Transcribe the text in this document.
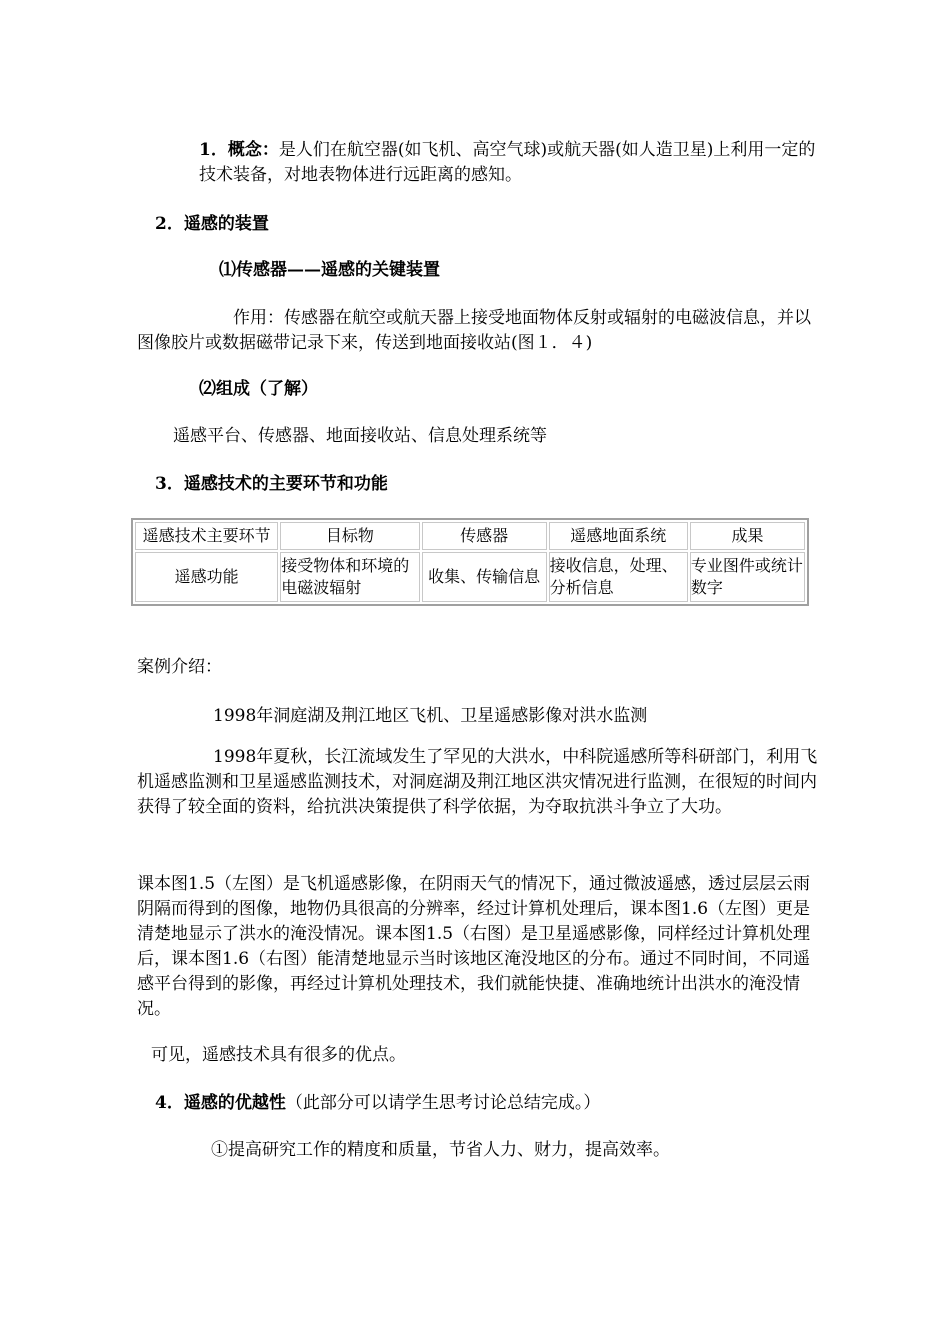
1．概念：是人们在航空器(如飞机、高空气球)或航天器(如人造卫星)上利用一定的技术装备，对地表物体进行远距离的感知。
2．遥感的装置
⑴传感器——遥感的关键装置
作用：传感器在航空或航天器上接受地面物体反射或辐射的电磁波信息，并以图像胶片或数据磁带记录下来，传送到地面接收站(图１．４)
⑵组成（了解）
遥感平台、传感器、地面接收站、信息处理系统等
3．遥感技术的主要环节和功能
遥感技术主要环节	目标物	传感器	遥感地面系统	成果
遥感功能	接受物体和环境的电磁波辐射	收集、传输信息	接收信息，处理、分析信息	专业图件或统计数字
案例介绍：
1998年洞庭湖及荆江地区飞机、卫星遥感影像对洪水监测
1998年夏秋，长江流域发生了罕见的大洪水，中科院遥感所等科研部门，利用飞机遥感监测和卫星遥感监测技术，对洞庭湖及荆江地区洪灾情况进行监测，在很短的时间内获得了较全面的资料，给抗洪决策提供了科学依据，为夺取抗洪斗争立了大功。
课本图1.5（左图）是飞机遥感影像，在阴雨天气的情况下，通过微波遥感，透过层层云雨阴隔而得到的图像，地物仍具很高的分辨率，经过计算机处理后，课本图1.6（左图）更是清楚地显示了洪水的淹没情况。课本图1.5（右图）是卫星遥感影像，同样经过计算机处理后，课本图1.6（右图）能清楚地显示当时该地区淹没地区的分布。通过不同时间，不同遥感平台得到的影像，再经过计算机处理技术，我们就能快捷、准确地统计出洪水的淹没情况。
可见，遥感技术具有很多的优点。
4．遥感的优越性（此部分可以请学生思考讨论总结完成。）
①提高研究工作的精度和质量，节省人力、财力，提高效率。
